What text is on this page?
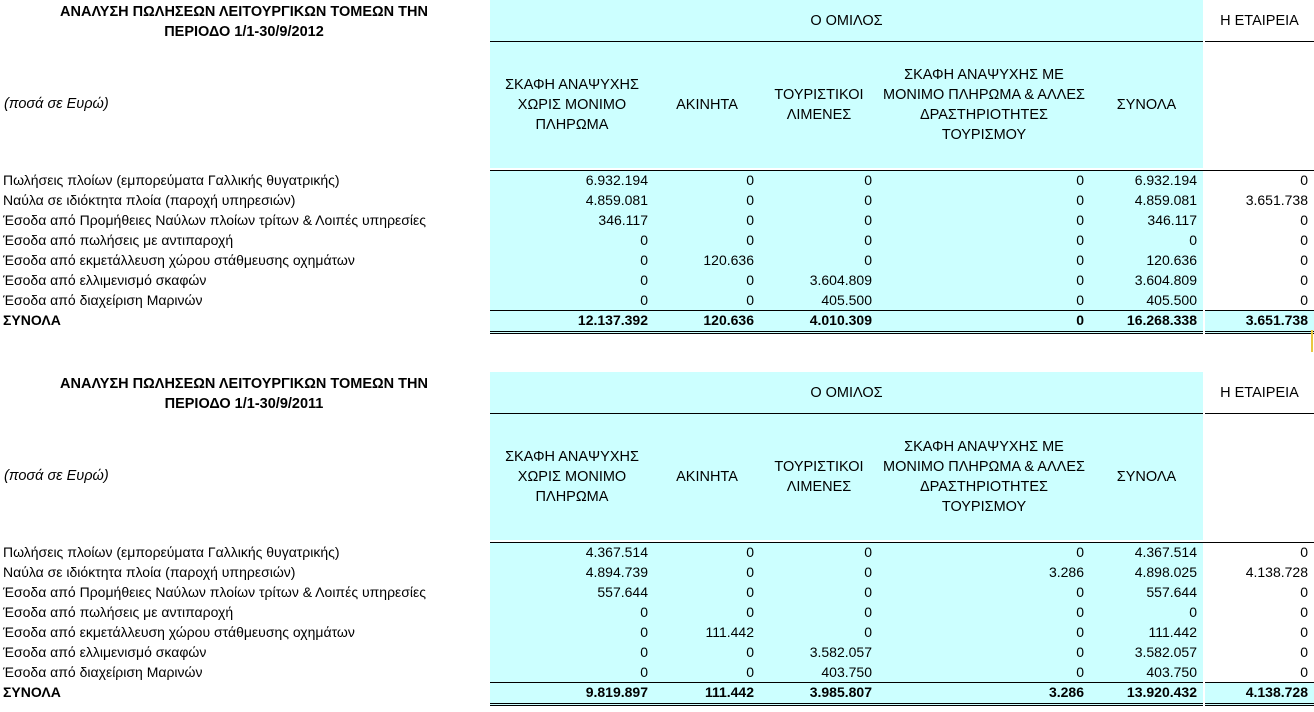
ΑΝΑΛΥΣΗ ΠΩΛΗΣΕΩΝ ΛΕΙΤΟΥΡΓΙΚΩΝ ΤΟΜΕΩΝ ΤΗΝ
ΠΕΡΙΟΔΟ 1/1-30/9/2012
Ο ΟΜΙΛΟΣ	Η ΕΤΑΙΡΕΙΑ
(ποσά σε Ευρώ)
ΣΚΑΦΗ ΑΝΑΨΥΧΗΣ ΧΩΡΙΣ ΜΟΝΙΜΟ ΠΛΗΡΩΜΑ
ΑΚΙΝΗΤΑ
ΤΟΥΡΙΣΤΙΚΟΙ ΛΙΜΕΝΕΣ
ΣΚΑΦΗ ΑΝΑΨΥΧΗΣ ΜΕ ΜΟΝΙΜΟ ΠΛΗΡΩΜΑ & ΑΛΛΕΣ ΔΡΑΣΤΗΡΙΟΤΗΤΕΣ ΤΟΥΡΙΣΜΟΥ
ΣΥΝΟΛΑ
Πωλήσεις πλοίων (εμπορεύματα Γαλλικής θυγατρικής)	6.932.194	0	0	0	6.932.194	0
Ναύλα σε ιδιόκτητα πλοία (παροχή υπηρεσιών)	4.859.081	0	0	0	4.859.081	3.651.738
Έσοδα από Προμήθειες Ναύλων πλοίων τρίτων & Λοιπές υπηρεσίες	346.117	0	0	0	346.117	0
Έσοδα από πωλήσεις με αντιπαροχή	0	0	0	0	0	0
Έσοδα από εκμετάλλευση χώρου στάθμευσης οχημάτων	0	120.636	0	0	120.636	0
Έσοδα από ελλιμενισμό σκαφών	0	0	3.604.809	0	3.604.809	0
Έσοδα από διαχείριση Μαρινών	0	0	405.500	0	405.500	0
ΣΥΝΟΛΑ	12.137.392	120.636	4.010.309	0	16.268.338	3.651.738
ΑΝΑΛΥΣΗ ΠΩΛΗΣΕΩΝ ΛΕΙΤΟΥΡΓΙΚΩΝ ΤΟΜΕΩΝ ΤΗΝ
ΠΕΡΙΟΔΟ 1/1-30/9/2011
Ο ΟΜΙΛΟΣ	Η ΕΤΑΙΡΕΙΑ
(ποσά σε Ευρώ)
ΣΚΑΦΗ ΑΝΑΨΥΧΗΣ ΧΩΡΙΣ ΜΟΝΙΜΟ ΠΛΗΡΩΜΑ
ΑΚΙΝΗΤΑ
ΤΟΥΡΙΣΤΙΚΟΙ ΛΙΜΕΝΕΣ
ΣΚΑΦΗ ΑΝΑΨΥΧΗΣ ΜΕ ΜΟΝΙΜΟ ΠΛΗΡΩΜΑ & ΑΛΛΕΣ ΔΡΑΣΤΗΡΙΟΤΗΤΕΣ ΤΟΥΡΙΣΜΟΥ
ΣΥΝΟΛΑ
Πωλήσεις πλοίων (εμπορεύματα Γαλλικής θυγατρικής)	4.367.514	0	0	0	4.367.514	0
Ναύλα σε ιδιόκτητα πλοία (παροχή υπηρεσιών)	4.894.739	0	0	3.286	4.898.025	4.138.728
Έσοδα από Προμήθειες Ναύλων πλοίων τρίτων & Λοιπές υπηρεσίες	557.644	0	0	0	557.644	0
Έσοδα από πωλήσεις με αντιπαροχή	0	0	0	0	0	0
Έσοδα από εκμετάλλευση χώρου στάθμευσης οχημάτων	0	111.442	0	0	111.442	0
Έσοδα από ελλιμενισμό σκαφών	0	0	3.582.057	0	3.582.057	0
Έσοδα από διαχείριση Μαρινών	0	0	403.750	0	403.750	0
ΣΥΝΟΛΑ	9.819.897	111.442	3.985.807	3.286	13.920.432	4.138.728
